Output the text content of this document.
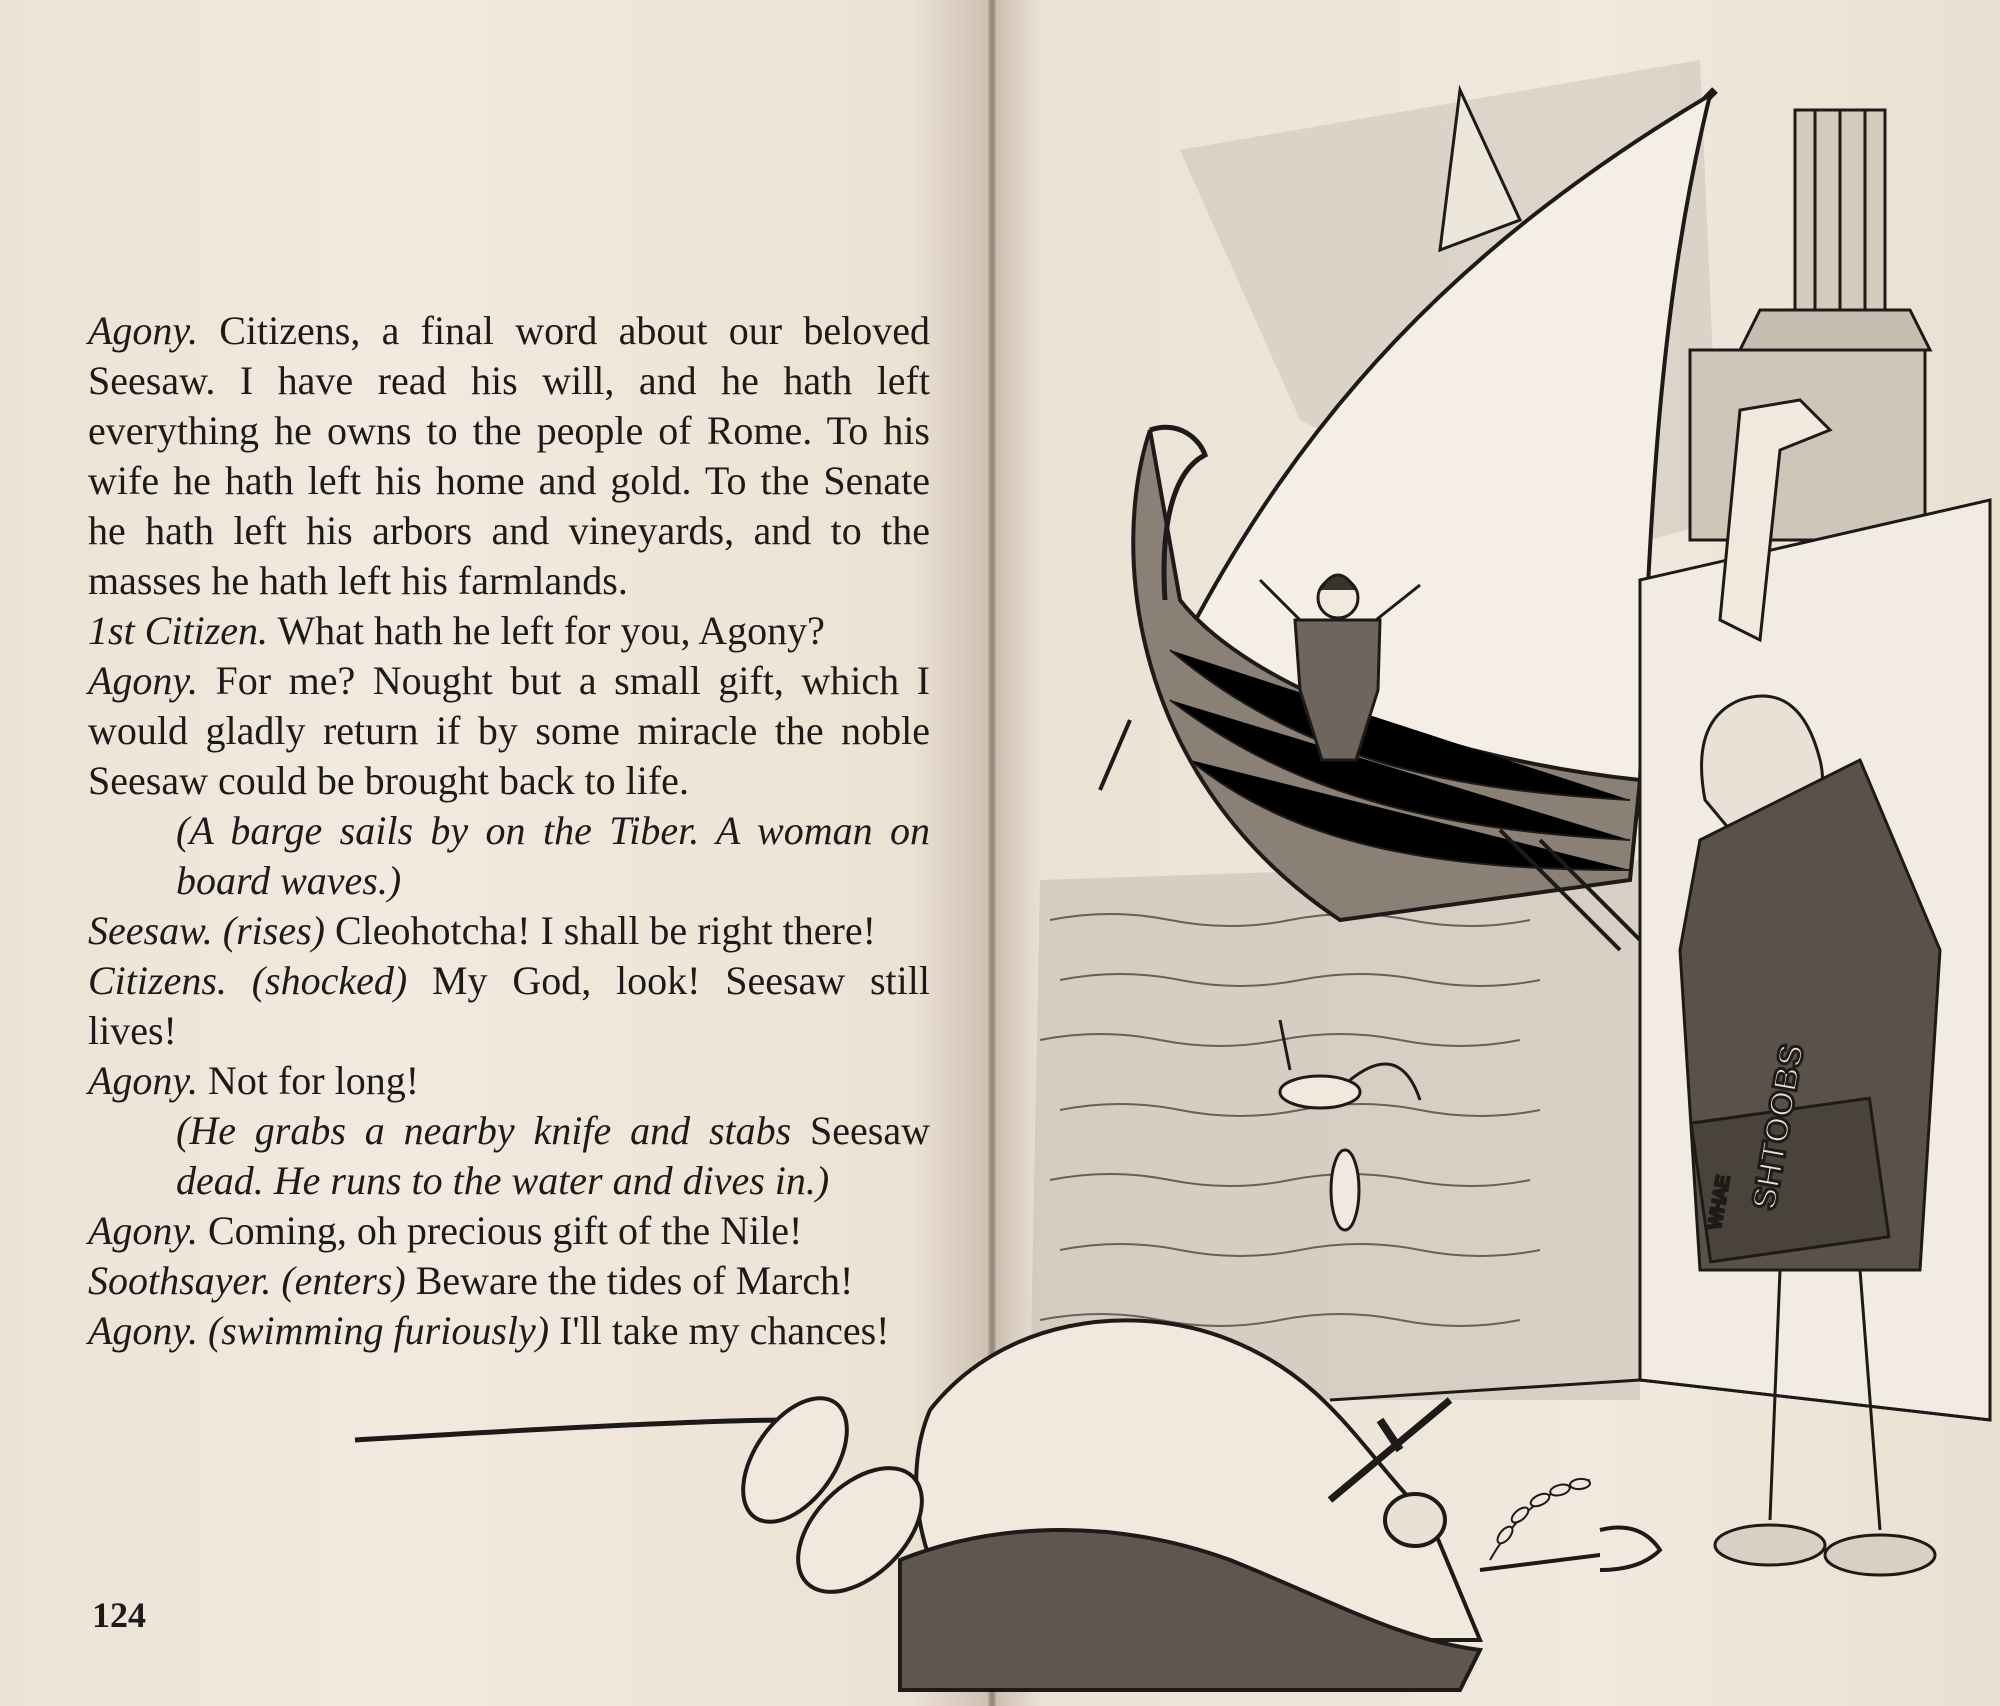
Agony. Citizens, a final word about our beloved Seesaw. I have read his will, and he hath left everything he owns to the people of Rome. To his wife he hath left his home and gold. To the Senate he hath left his arbors and vineyards, and to the masses he hath left his farmlands.
1st Citizen. What hath he left for you, Agony?
Agony. For me? Nought but a small gift, which I would gladly return if by some miracle the noble Seesaw could be brought back to life.
(A barge sails by on the Tiber. A woman on board waves.)
Seesaw. (rises) Cleohotcha! I shall be right there!
Citizens. (shocked) My God, look! Seesaw still lives!
Agony. Not for long!
(He grabs a nearby knife and stabs Seesaw dead. He runs to the water and dives in.)
Agony. Coming, oh precious gift of the Nile!
Soothsayer. (enters) Beware the tides of March!
Agony. (swimming furiously) I'll take my chances!
124
SHTOOBS
WHAE
